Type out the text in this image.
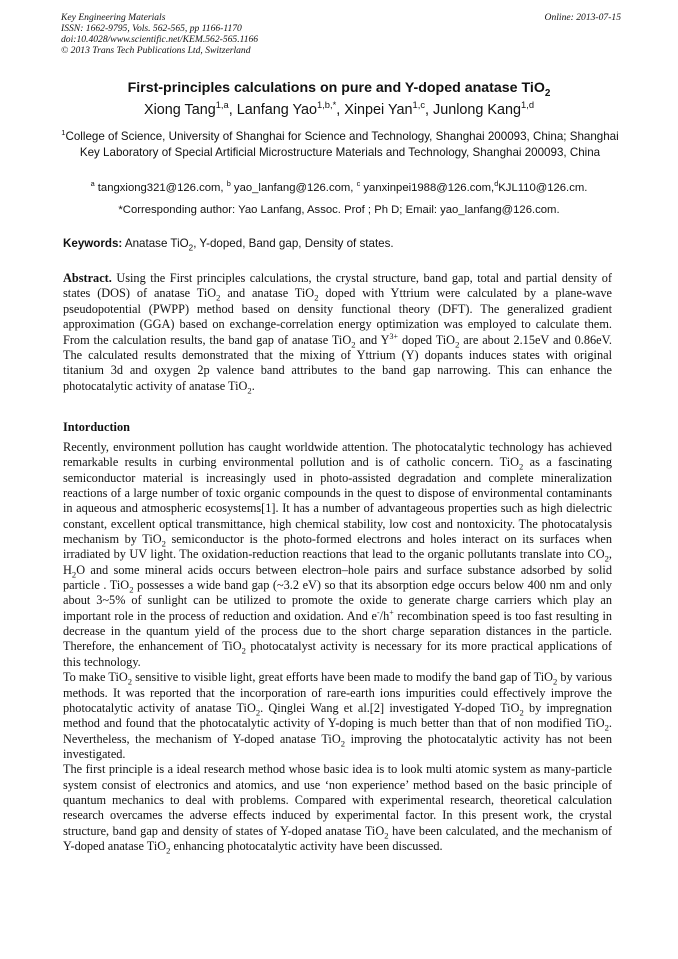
Key Engineering Materials
ISSN: 1662-9795, Vols. 562-565, pp 1166-1170
doi:10.4028/www.scientific.net/KEM.562-565.1166
© 2013 Trans Tech Publications Ltd, Switzerland
Online: 2013-07-15
First-principles calculations on pure and Y-doped anatase TiO$_2$
Xiong Tang$^{1,a}$, Lanfang Yao$^{1,b,*}$, Xinpei Yan$^{1,c}$, Junlong Kang$^{1,d}$
$^1$College of Science, University of Shanghai for Science and Technology, Shanghai 200093, China; Shanghai Key Laboratory of Special Artificial Microstructure Materials and Technology, Shanghai 200093, China
$^a$ tangxiong321@126.com, $^b$ yao_lanfang@126.com, $^c$ yanxinpei1988@126.com,$^d$KJL110@126.cm.
*Corresponding author: Yao Lanfang, Assoc. Prof ; Ph D; Email: yao_lanfang@126.com.
Keywords: Anatase TiO$_2$, Y-doped, Band gap, Density of states.
Abstract. Using the First principles calculations, the crystal structure, band gap, total and partial density of states (DOS) of anatase TiO$_2$ and anatase TiO$_2$ doped with Yttrium were calculated by a plane-wave pseudopotential (PWPP) method based on density functional theory (DFT). The generalized gradient approximation (GGA) based on exchange-correlation energy optimization was employed to calculate them. From the calculation results, the band gap of anatase TiO$_2$ and $Y^{3+}$ doped TiO$_2$ are about 2.15eV and 0.86eV. The calculated results demonstrated that the mixing of Yttrium (Y) dopants induces states with original titanium 3d and oxygen 2p valence band attributes to the band gap narrowing. This can enhance the photocatalytic activity of anatase TiO$_2$.
Intorduction

Recently, environment pollution has caught worldwide attention. The photocatalytic technology has achieved remarkable results in curbing environmental pollution and is of catholic concern. TiO$_2$ as a fascinating semiconductor material is increasingly used in photo-assisted degradation and complete mineralization reactions of a large number of toxic organic compounds in the quest to dispose of environmental contaminants in aqueous and atmospheric ecosystems[1]. It has a number of advantageous properties such as high dielectric constant, excellent optical transmittance, high chemical stability, low cost and nontoxicity. The photocatalysis mechanism by TiO$_2$ semiconductor is the photo-formed electrons and holes interact on its surfaces when irradiated by UV light. The oxidation-reduction reactions that lead to the organic pollutants translate into $CO_2$, $H_2O$ and some mineral acids occurs between electron–hole pairs and surface substance adsorbed by solid particle . TiO$_2$ possesses a wide band gap (~3.2 eV) so that its absorption edge occurs below 400 nm and only about 3~5% of sunlight can be utilized to promote the oxide to generate charge carriers which play an important role in the process of reduction and oxidation. And e-/h+ recombination speed is too fast resulting in decrease in the quantum yield of the process due to the short charge separation distances in the particle. Therefore, the enhancement of TiO$_2$ photocatalyst activity is necessary for its more practical applications of this technology.

To make TiO$_2$ sensitive to visible light, great efforts have been made to modify the band gap of TiO$_2$ by various methods. It was reported that the incorporation of rare-earth ions impurities could effectively improve the photocatalytic activity of anatase TiO$_2$. Qinglei Wang et al.[2] investigated Y-doped TiO$_2$ by impregnation method and found that the photocatalytic activity of Y-doping is much better than that of non modified TiO$_2$. Nevertheless, the mechanism of Y-doped anatase TiO$_2$ improving the photocatalytic activity has not been investigated.

The first principle is a ideal research method whose basic idea is to look multi atomic system as many-particle system consist of electronics and atomics, and use ‘non experience’ method based on the basic principle of quantum mechanics to deal with problems. Compared with experimental research, theoretical calculation research overcames the adverse effects induced by experimental factor. In this present work, the crystal structure, band gap and density of states of Y-doped anatase TiO$_2$ have been calculated, and the mechanism of Y-doped anatase TiO$_2$ enhancing photocatalytic activity have been discussed.
